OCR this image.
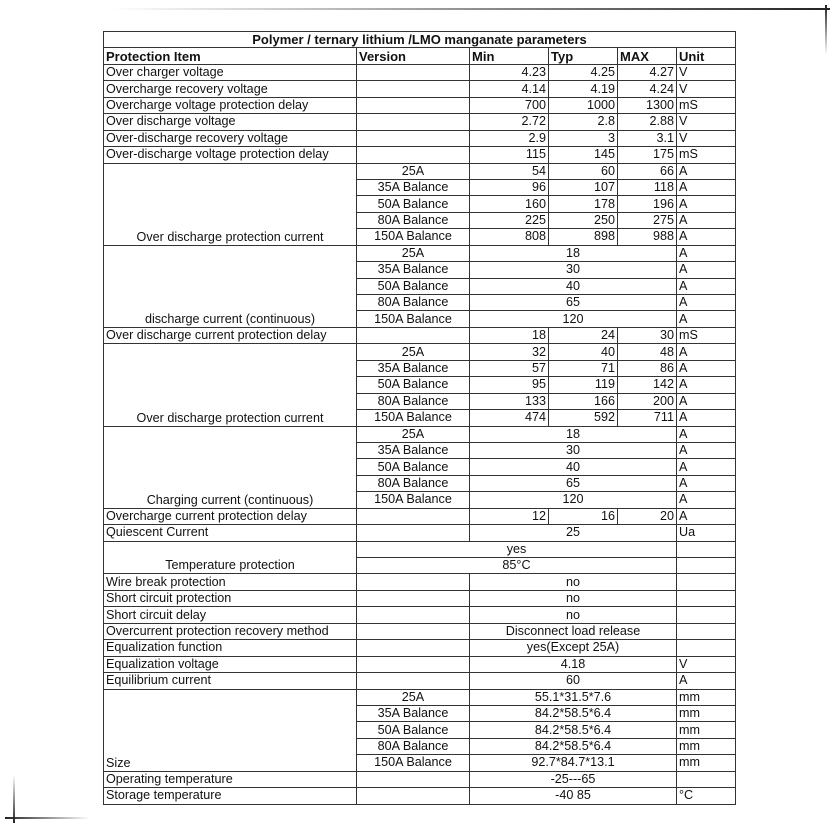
Polymer / ternary lithium /LMO manganate parameters					
Protection Item	Version	Min	Typ	MAX	Unit
Over charger voltage		4.23	4.25	4.27	V
Overcharge recovery voltage		4.14	4.19	4.24	V
Overcharge voltage protection delay		700	1000	1300	mS
Over discharge voltage		2.72	2.8	2.88	V
Over-discharge recovery voltage		2.9	3	3.1	V
Over-discharge voltage protection delay		115	145	175	mS
Over discharge protection current	25A	54	60	66	A
	35A Balance	96	107	118	A
	50A Balance	160	178	196	A
	80A Balance	225	250	275	A
	150A Balance	808	898	988	A
discharge current (continuous)	25A	18			A
	35A Balance	30			A
	50A Balance	40			A
	80A Balance	65			A
	150A Balance	120			A
Over discharge current protection delay		18	24	30	mS
Over discharge protection current	25A	32	40	48	A
	35A Balance	57	71	86	A
	50A Balance	95	119	142	A
	80A Balance	133	166	200	A
	150A Balance	474	592	711	A
Charging current (continuous)	25A	18			A
	35A Balance	30			A
	50A Balance	40			A
	80A Balance	65			A
	150A Balance	120			A
Overcharge current protection delay		12	16	20	A
Quiescent Current		25			Ua
Temperature protection	yes				
	85°C				
Wire break protection		no			
Short circuit protection		no			
Short circuit delay		no			
Overcurrent protection recovery method		Disconnect load release			
Equalization function		yes(Except 25A)			
Equalization voltage		4.18			V
Equilibrium current		60			A
Size	25A	55.1*31.5*7.6			mm
	35A Balance	84.2*58.5*6.4			mm
	50A Balance	84.2*58.5*6.4			mm
	80A Balance	84.2*58.5*6.4			mm
	150A Balance	92.7*84.7*13.1			mm
Operating temperature		-25---65			
Storage temperature		-40 85			°C
